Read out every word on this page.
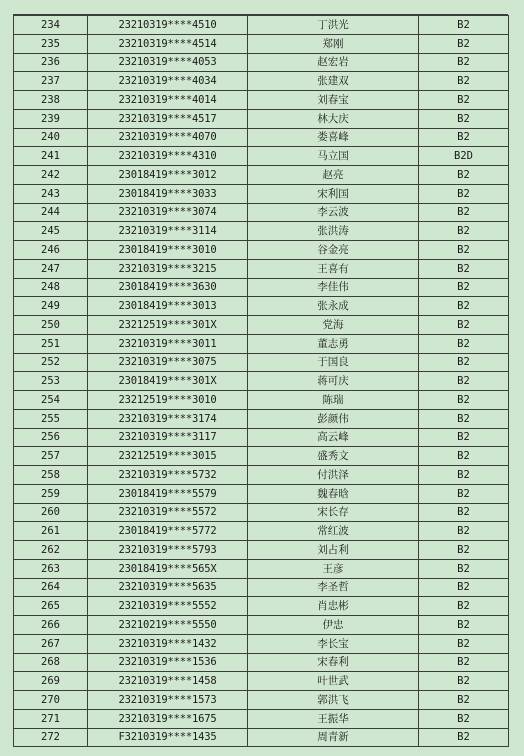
234	23210319****4510	丁洪光	B2
235	23210319****4514	郑刚	B2
236	23210319****4053	赵宏岩	B2
237	23210319****4034	张建双	B2
238	23210319****4014	刘春宝	B2
239	23210319****4517	林大庆	B2
240	23210319****4070	娄喜峰	B2
241	23210319****4310	马立国	B2D
242	23018419****3012	赵亮	B2
243	23018419****3033	宋利国	B2
244	23210319****3074	李云波	B2
245	23210319****3114	张洪涛	B2
246	23018419****3010	谷金亮	B2
247	23210319****3215	王喜有	B2
248	23018419****3630	李佳伟	B2
249	23018419****3013	张永成	B2
250	23212519****301X	党海	B2
251	23210319****3011	董志勇	B2
252	23210319****3075	于国良	B2
253	23018419****301X	蒋可庆	B2
254	23212519****3010	陈瑞	B2
255	23210319****3174	彭颜伟	B2
256	23210319****3117	高云峰	B2
257	23212519****3015	盛秀文	B2
258	23210319****5732	付洪泽	B2
259	23018419****5579	魏春晗	B2
260	23210319****5572	宋长存	B2
261	23018419****5772	常红波	B2
262	23210319****5793	刘占利	B2
263	23018419****565X	王彦	B2
264	23210319****5635	李圣哲	B2
265	23210319****5552	肖忠彬	B2
266	23210219****5550	伊忠	B2
267	23210319****1432	李长宝	B2
268	23210319****1536	宋春利	B2
269	23210319****1458	叶世武	B2
270	23210319****1573	郭洪飞	B2
271	23210319****1675	王振华	B2
272	F3210319****1435	周青新	B2
